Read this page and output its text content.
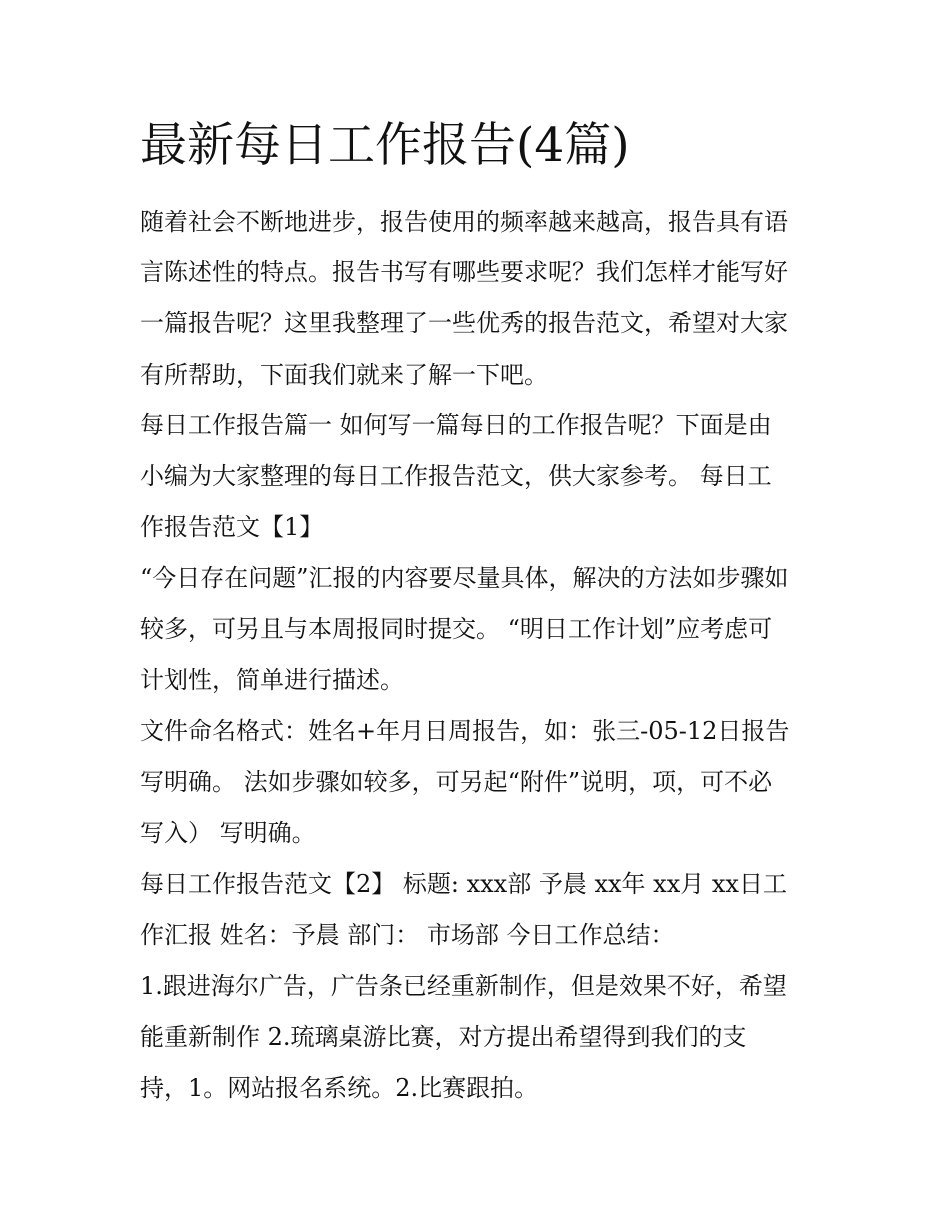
最新每日工作报告(4篇)
随着社会不断地进步，报告使用的频率越来越高，报告具有语
言陈述性的特点。报告书写有哪些要求呢？我们怎样才能写好
一篇报告呢？这里我整理了一些优秀的报告范文，希望对大家
有所帮助，下面我们就来了解一下吧。
每日工作报告篇一 如何写一篇每日的工作报告呢？下面是由
小编为大家整理的每日工作报告范文，供大家参考。 每日工
作报告范文【1】
“今日存在问题”汇报的内容要尽量具体，解决的方法如步骤如
较多，可另且与本周报同时提交。 “明日工作计划”应考虑可
计划性，简单进行描述。
文件命名格式：姓名+年月日周报告，如：张三-05-12日报告
写明确。 法如步骤如较多，可另起“附件”说明，项，可不必
写入） 写明确。
每日工作报告范文【2】 标题: xxx部 予晨 xx年 xx月 xx日工
作汇报 姓名：予晨 部门： 市场部 今日工作总结：
1.跟进海尔广告，广告条已经重新制作，但是效果不好，希望
能重新制作 2.琉璃桌游比赛，对方提出希望得到我们的支
持，1。网站报名系统。2.比赛跟拍。
